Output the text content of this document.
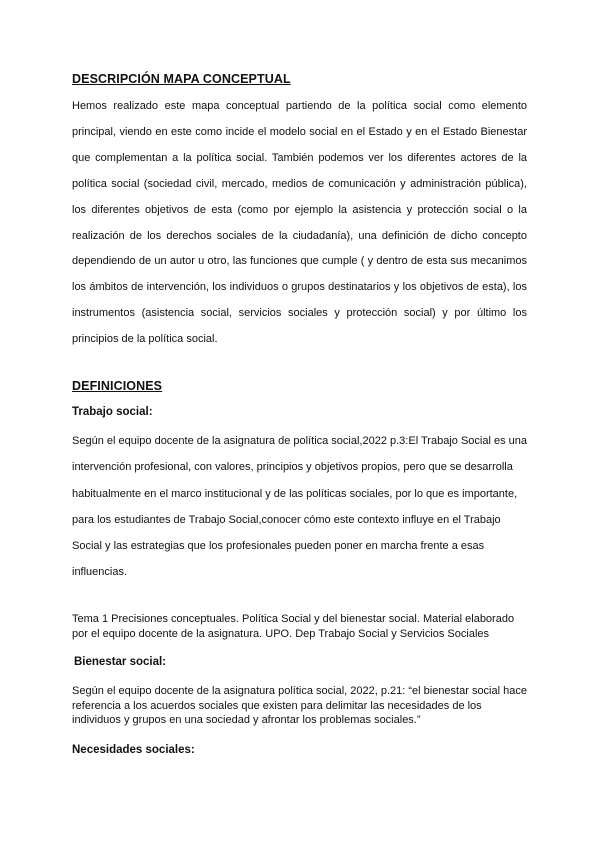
DESCRIPCIÓN MAPA CONCEPTUAL
Hemos realizado este mapa conceptual partiendo de la política social como elemento principal, viendo en este como incide el modelo social en el Estado y en el Estado Bienestar que complementan a la política social. También podemos ver los diferentes actores de la política social (sociedad civil, mercado, medios de comunicación y administración pública), los diferentes objetivos de esta (como por ejemplo la asistencia y protección social o la realización de los derechos sociales de la ciudadanía), una definición de dicho concepto dependiendo de un autor u otro, las funciones que cumple ( y dentro de esta sus mecanimos los ámbitos de intervención, los individuos o grupos destinatarios y los objetivos de esta), los instrumentos (asistencia social, servicios sociales y protección social) y por último los principios de la política social.
DEFINICIONES
Trabajo social:
Según el equipo docente de la asignatura de política social,2022 p.3:El Trabajo Social es una intervención profesional, con valores, principios y objetivos propios, pero que se desarrolla habitualmente en el marco institucional y de las políticas sociales, por lo que es importante, para los estudiantes de Trabajo Social,conocer cómo este contexto influye en el Trabajo Social y las estrategias que los profesionales pueden poner en marcha frente a esas influencias.
Tema 1 Precisiones conceptuales. Política Social y del bienestar social. Material elaborado por el equipo docente de la asignatura. UPO. Dep Trabajo Social y Servicios Sociales
Bienestar social:
Según el equipo docente de la asignatura política social, 2022, p.21: “el bienestar social hace referencia a los acuerdos sociales que existen para delimitar las necesidades de los individuos y grupos en una sociedad y afrontar los problemas sociales.”
Necesidades sociales:
